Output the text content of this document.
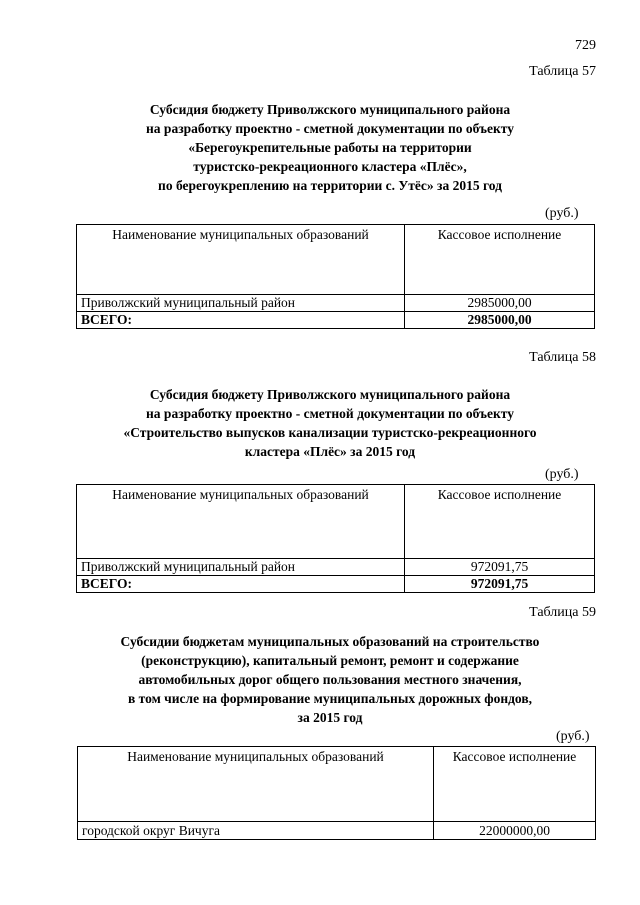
729
Таблица 57
Субсидия бюджету Приволжского муниципального района
на разработку проектно - сметной документации по объекту
«Берегоукрепительные работы на территории
туристско-рекреационного кластера «Плёс»,
по берегоукреплению на территории с. Утёс» за 2015 год
(руб.)
Наименование муниципальных образований	Кассовое исполнение
Приволжский муниципальный район	2985000,00
ВСЕГО:	2985000,00
Таблица 58
Субсидия бюджету Приволжского муниципального района
на разработку проектно - сметной документации по объекту
«Строительство выпусков канализации туристско-рекреационного
кластера «Плёс» за 2015 год
(руб.)
Наименование муниципальных образований	Кассовое исполнение
Приволжский муниципальный район	972091,75
ВСЕГО:	972091,75
Таблица 59
Субсидии бюджетам муниципальных образований на строительство
(реконструкцию), капитальный ремонт, ремонт и содержание
автомобильных дорог общего пользования местного значения,
в том числе на формирование муниципальных дорожных фондов,
за 2015 год
(руб.)
Наименование муниципальных образований	Кассовое исполнение
городской округ Вичуга	22000000,00
